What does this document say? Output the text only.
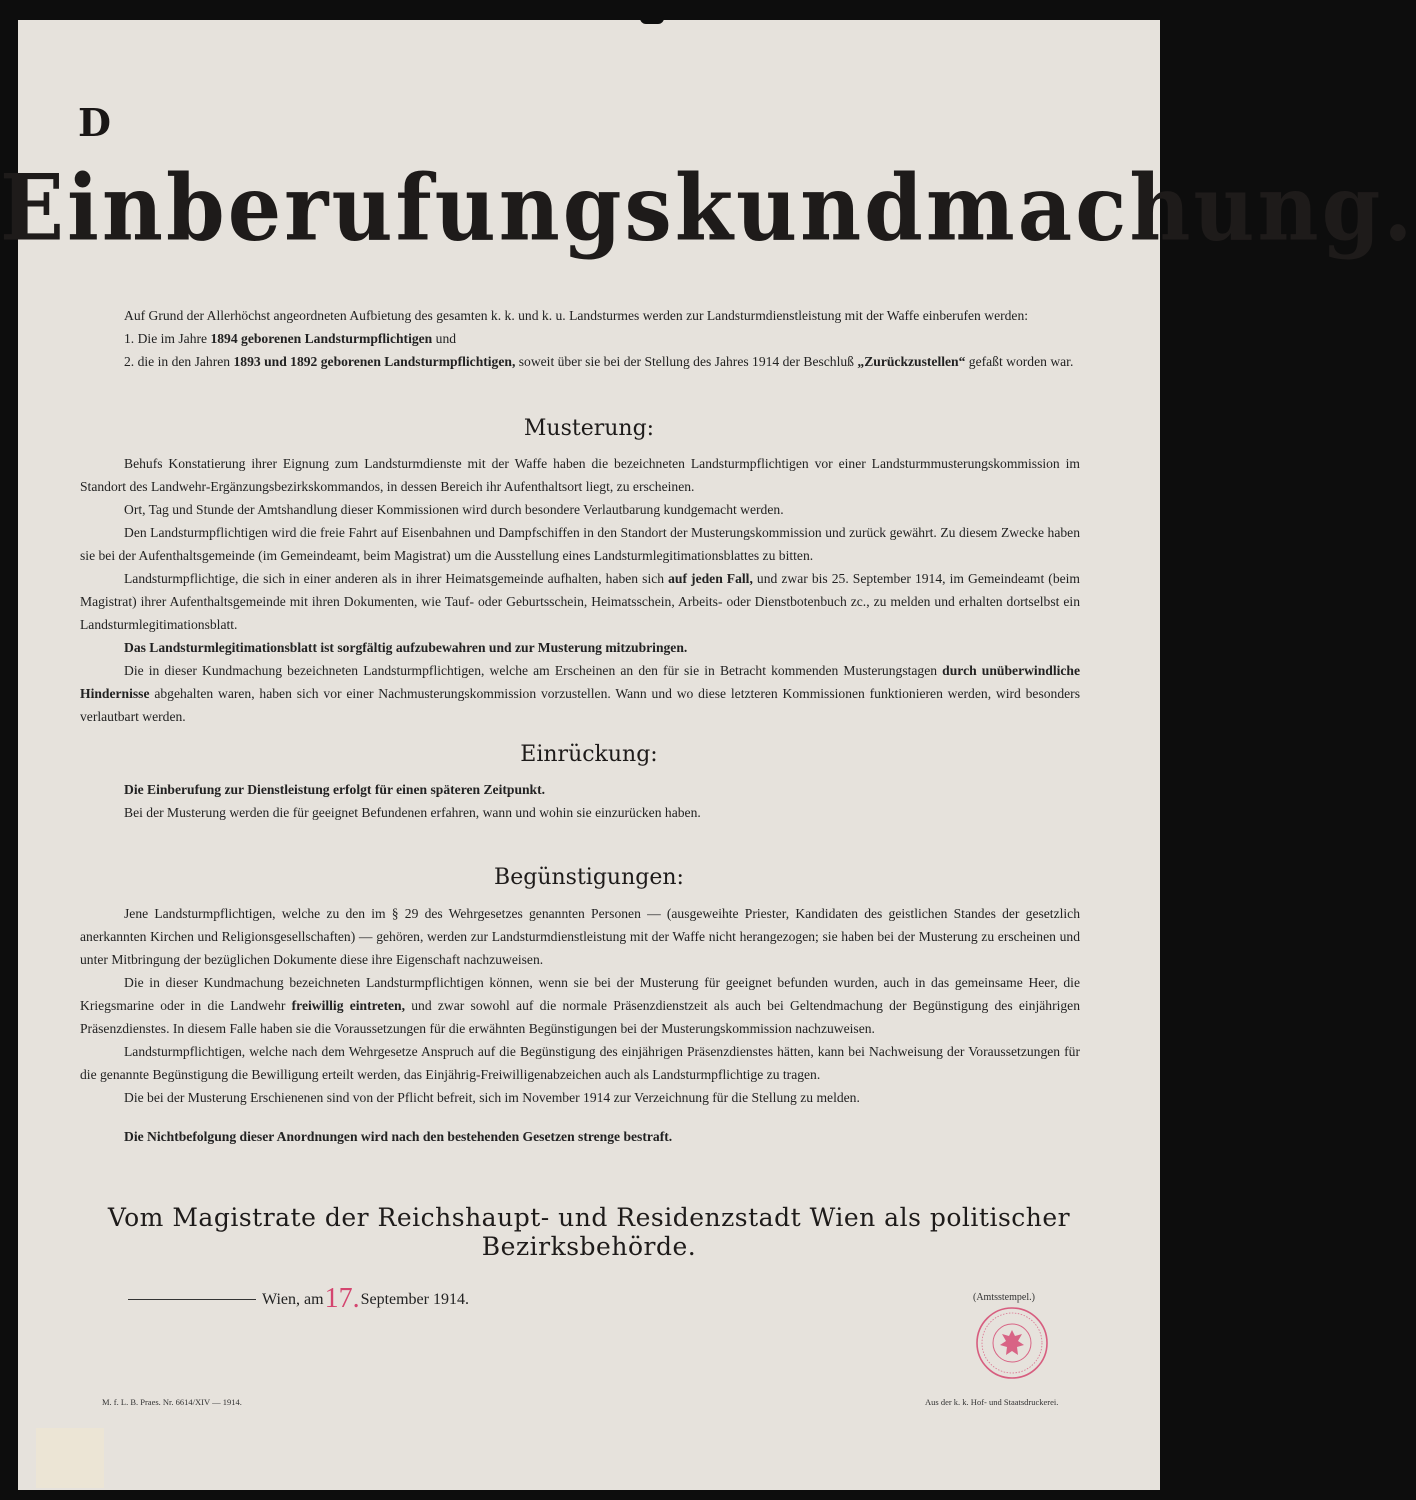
D
Einberufungskundmachung.

Auf Grund der Allerhöchst angeordneten Aufbietung des gesamten k. k. und k. u. Landsturmes werden zur Landsturmdienstleistung mit der Waffe einberufen werden:

1. Die im Jahre 1894 geborenen Landsturmpflichtigen und

2. die in den Jahren 1893 und 1892 geborenen Landsturmpflichtigen, soweit über sie bei der Stellung des Jahres 1914 der Beschluß „Zurückzustellen“ gefaßt worden war.

Musterung:

Behufs Konstatierung ihrer Eignung zum Landsturmdienste mit der Waffe haben die bezeichneten Landsturmpflichtigen vor einer Landsturmmusterungskommission im Standort des Landwehr-Ergänzungsbezirkskommandos, in dessen Bereich ihr Aufenthaltsort liegt, zu erscheinen.

Ort, Tag und Stunde der Amtshandlung dieser Kommissionen wird durch besondere Verlautbarung kundgemacht werden.

Den Landsturmpflichtigen wird die freie Fahrt auf Eisenbahnen und Dampfschiffen in den Standort der Musterungskommission und zurück gewährt. Zu diesem Zwecke haben sie bei der Aufenthaltsgemeinde (im Gemeindeamt, beim Magistrat) um die Ausstellung eines Landsturmlegitimationsblattes zu bitten.

Landsturmpflichtige, die sich in einer anderen als in ihrer Heimatsgemeinde aufhalten, haben sich auf jeden Fall, und zwar bis 25. September 1914, im Gemeindeamt (beim Magistrat) ihrer Aufenthaltsgemeinde mit ihren Dokumenten, wie Tauf- oder Geburtsschein, Heimatsschein, Arbeits- oder Dienstbotenbuch zc., zu melden und erhalten dortselbst ein Landsturmlegitimationsblatt.

Das Landsturmlegitimationsblatt ist sorgfältig aufzubewahren und zur Musterung mitzubringen.

Die in dieser Kundmachung bezeichneten Landsturmpflichtigen, welche am Erscheinen an den für sie in Betracht kommenden Musterungstagen durch unüberwindliche Hindernisse abgehalten waren, haben sich vor einer Nachmusterungskommission vorzustellen. Wann und wo diese letzteren Kommissionen funktionieren werden, wird besonders verlautbart werden.

Einrückung:

Die Einberufung zur Dienstleistung erfolgt für einen späteren Zeitpunkt.

Bei der Musterung werden die für geeignet Befundenen erfahren, wann und wohin sie einzurücken haben.

Begünstigungen:

Jene Landsturmpflichtigen, welche zu den im § 29 des Wehrgesetzes genannten Personen — (ausgeweihte Priester, Kandidaten des geistlichen Standes der gesetzlich anerkannten Kirchen und Religionsgesellschaften) — gehören, werden zur Landsturmdienstleistung mit der Waffe nicht herangezogen; sie haben bei der Musterung zu erscheinen und unter Mitbringung der bezüglichen Dokumente diese ihre Eigenschaft nachzuweisen.

Die in dieser Kundmachung bezeichneten Landsturmpflichtigen können, wenn sie bei der Musterung für geeignet befunden wurden, auch in das gemeinsame Heer, die Kriegsmarine oder in die Landwehr freiwillig eintreten, und zwar sowohl auf die normale Präsenzdienstzeit als auch bei Geltendmachung der Begünstigung des einjährigen Präsenzdienstes. In diesem Falle haben sie die Voraussetzungen für die erwähnten Begünstigungen bei der Musterungskommission nachzuweisen.

Landsturmpflichtigen, welche nach dem Wehrgesetze Anspruch auf die Begünstigung des einjährigen Präsenzdienstes hätten, kann bei Nachweisung der Voraussetzungen für die genannte Begünstigung die Bewilligung erteilt werden, das Einjährig-Freiwilligenabzeichen auch als Landsturmpflichtige zu tragen.

Die bei der Musterung Erschienenen sind von der Pflicht befreit, sich im November 1914 zur Verzeichnung für die Stellung zu melden.

Die Nichtbefolgung dieser Anordnungen wird nach den bestehenden Gesetzen strenge bestraft.

Vom Magistrate der Reichshaupt- und Residenzstadt Wien als politischer Bezirksbehörde.
Wien, am17.September 1914.	(Amtsstempel.)
M. f. L. B. Praes. Nr. 6614/XIV — 1914.	Aus der k. k. Hof- und Staatsdruckerei.
